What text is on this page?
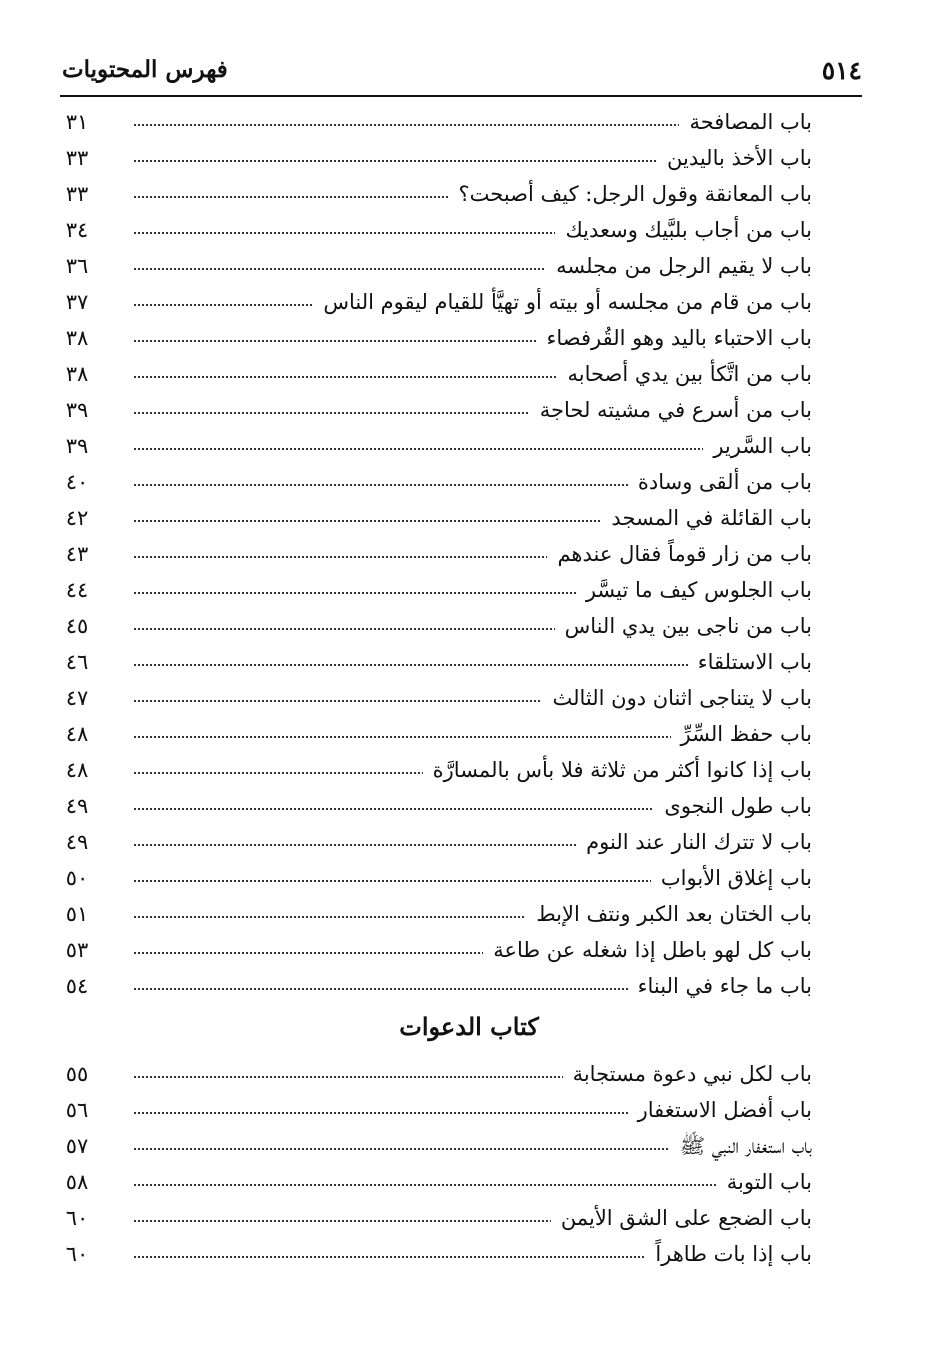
٥١٤
فهرس المحتويات
باب المصافحة
٣١
باب الأخذ باليدين
٣٣
باب المعانقة وقول الرجل: كيف أصبحت؟
٣٣
باب من أجاب بلبَّيك وسعديك
٣٤
باب لا يقيم الرجل من مجلسه
٣٦
باب من قام من مجلسه أو بيته أو تهيَّأ للقيام ليقوم الناس
٣٧
باب الاحتباء باليد وهو القُرفصاء
٣٨
باب من اتَّكأ بين يدي أصحابه
٣٨
باب من أسرع في مشيته لحاجة
٣٩
باب السَّرير
٣٩
باب من ألقى وسادة
٤٠
باب القائلة في المسجد
٤٢
باب من زار قوماً فقال عندهم
٤٣
باب الجلوس كيف ما تيسَّر
٤٤
باب من ناجى بين يدي الناس
٤٥
باب الاستلقاء
٤٦
باب لا يتناجى اثنان دون الثالث
٤٧
باب حفظ السِّرِّ
٤٨
باب إذا كانوا أكثر من ثلاثة فلا بأس بالمسارَّة
٤٨
باب طول النجوى
٤٩
باب لا تترك النار عند النوم
٤٩
باب إغلاق الأبواب
٥٠
باب الختان بعد الكبر ونتف الإبط
٥١
باب كل لهو باطل إذا شغله عن طاعة
٥٣
باب ما جاء في البناء
٥٤
كتاب الدعوات
باب لكل نبي دعوة مستجابة
٥٥
باب أفضل الاستغفار
٥٦
باب استغفار النبي ﷺ
٥٧
باب التوبة
٥٨
باب الضجع على الشق الأيمن
٦٠
باب إذا بات طاهراً
٦٠
